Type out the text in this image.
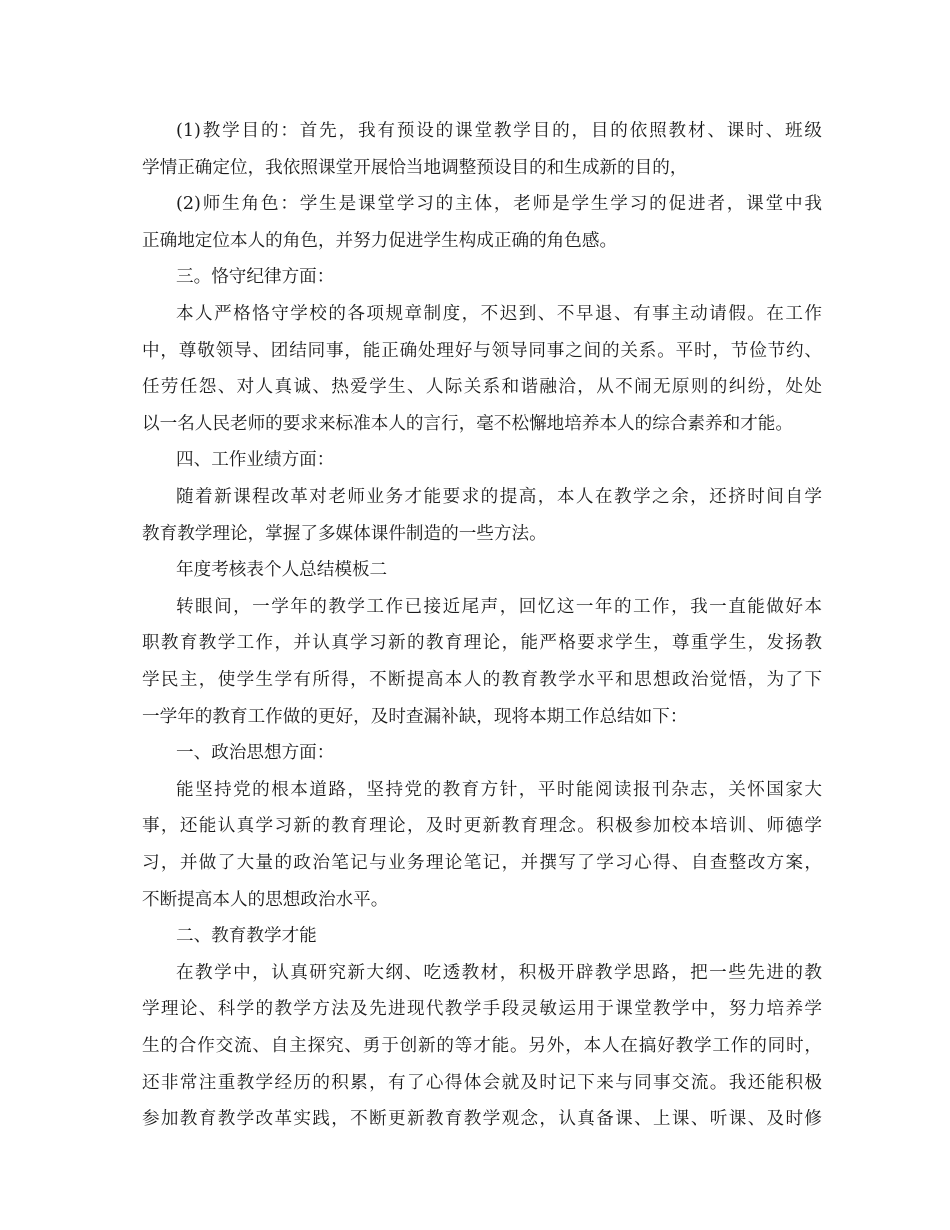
(1)教学目的：首先，我有预设的课堂教学目的，目的依照教材、课时、班级
学情正确定位，我依照课堂开展恰当地调整预设目的和生成新的目的，
(2)师生角色：学生是课堂学习的主体，老师是学生学习的促进者，课堂中我
正确地定位本人的角色，并努力促进学生构成正确的角色感。
三。恪守纪律方面：
本人严格恪守学校的各项规章制度，不迟到、不早退、有事主动请假。在工作
中，尊敬领导、团结同事，能正确处理好与领导同事之间的关系。平时，节俭节约、
任劳任怨、对人真诚、热爱学生、人际关系和谐融洽，从不闹无原则的纠纷，处处
以一名人民老师的要求来标准本人的言行，毫不松懈地培养本人的综合素养和才能。
四、工作业绩方面：
随着新课程改革对老师业务才能要求的提高，本人在教学之余，还挤时间自学
教育教学理论，掌握了多媒体课件制造的一些方法。
年度考核表个人总结模板二
转眼间，一学年的教学工作已接近尾声，回忆这一年的工作，我一直能做好本
职教育教学工作，并认真学习新的教育理论，能严格要求学生，尊重学生，发扬教
学民主，使学生学有所得，不断提高本人的教育教学水平和思想政治觉悟，为了下
一学年的教育工作做的更好，及时查漏补缺，现将本期工作总结如下：
一、政治思想方面：
能坚持党的根本道路，坚持党的教育方针，平时能阅读报刊杂志，关怀国家大
事，还能认真学习新的教育理论，及时更新教育理念。积极参加校本培训、师德学
习，并做了大量的政治笔记与业务理论笔记，并撰写了学习心得、自查整改方案，
不断提高本人的思想政治水平。
二、教育教学才能
在教学中，认真研究新大纲、吃透教材，积极开辟教学思路，把一些先进的教
学理论、科学的教学方法及先进现代教学手段灵敏运用于课堂教学中，努力培养学
生的合作交流、自主探究、勇于创新的等才能。另外，本人在搞好教学工作的同时，
还非常注重教学经历的积累，有了心得体会就及时记下来与同事交流。我还能积极
参加教育教学改革实践，不断更新教育教学观念，认真备课、上课、听课、及时修
